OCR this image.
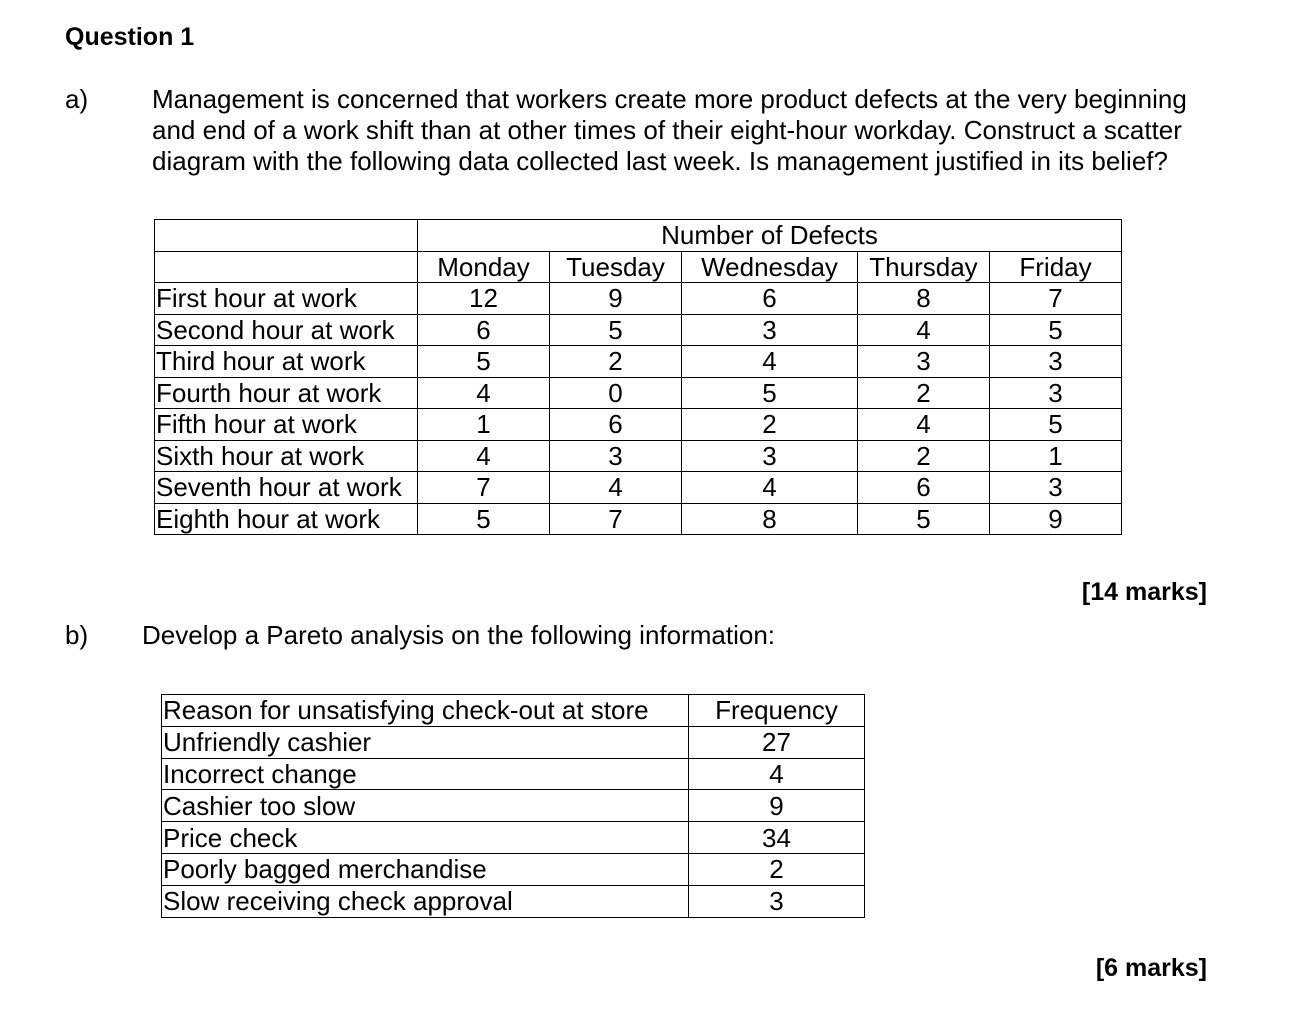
Question 1
a) Management is concerned that workers create more product defects at the very beginning and end of a work shift than at other times of their eight-hour workday. Construct a scatter diagram with the following data collected last week. Is management justified in its belief?
	Number of Defects				
	Monday	Tuesday	Wednesday	Thursday	Friday
First hour at work	12	9	6	8	7
Second hour at work	6	5	3	4	5
Third hour at work	5	2	4	3	3
Fourth hour at work	4	0	5	2	3
Fifth hour at work	1	6	2	4	5
Sixth hour at work	4	3	3	2	1
Seventh hour at work	7	4	4	6	3
Eighth hour at work	5	7	8	5	9
[14 marks]
b) Develop a Pareto analysis on the following information:
Reason for unsatisfying check-out at store	Frequency
Unfriendly cashier	27
Incorrect change	4
Cashier too slow	9
Price check	34
Poorly bagged merchandise	2
Slow receiving check approval	3
[6 marks]
